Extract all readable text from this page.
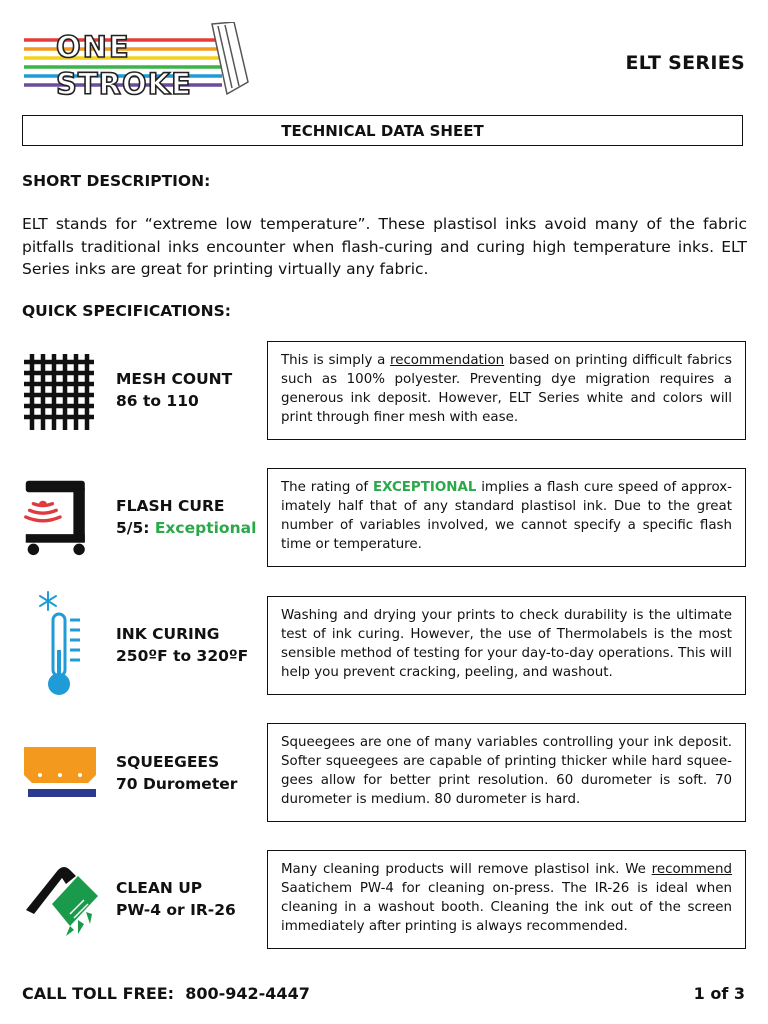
ONE
STROKE
ELT SERIES
TECHNICAL DATA SHEET
SHORT DESCRIPTION:
ELT stands for “extreme low temperature”. These plastisol inks avoid many of the fabric pitfalls traditional inks encounter when flash-curing and curing high temperature inks. ELT Series inks are great for printing virtually any fabric.
QUICK SPECIFICATIONS:
MESH COUNT
86 to 110
This is simply a recommendation based on printing difficult fabrics such as 100% polyester. Preventing dye migration requires a generous ink deposit. However, ELT Series white and colors will print through finer mesh with ease.
FLASH CURE
5/5: Exceptional
The rating of EXCEPTIONAL implies a flash cure speed of approx-imately half that of any standard plastisol ink. Due to the great number of variables involved, we cannot specify a specific flash time or temperature.
INK CURING
250ºF to 320ºF
Washing and drying your prints to check durability is the ultimate test of ink curing. However, the use of Thermolabels is the most sensible method of testing for your day-to-day operations. This will help you prevent cracking, peeling, and washout.
SQUEEGEES
70 Durometer
Squeegees are one of many variables controlling your ink deposit. Softer squeegees are capable of printing thicker while hard squee-gees allow for better print resolution. 60 durometer is soft. 70 durometer is medium. 80 durometer is hard.
CLEAN UP
PW-4 or IR-26
Many cleaning products will remove plastisol ink. We recommend Saatichem PW-4 for cleaning on-press. The IR-26 is ideal when cleaning in a washout booth. Cleaning the ink out of the screen immediately after printing is always recommended.
CALL TOLL FREE: 800-942-4447	1 of 3
